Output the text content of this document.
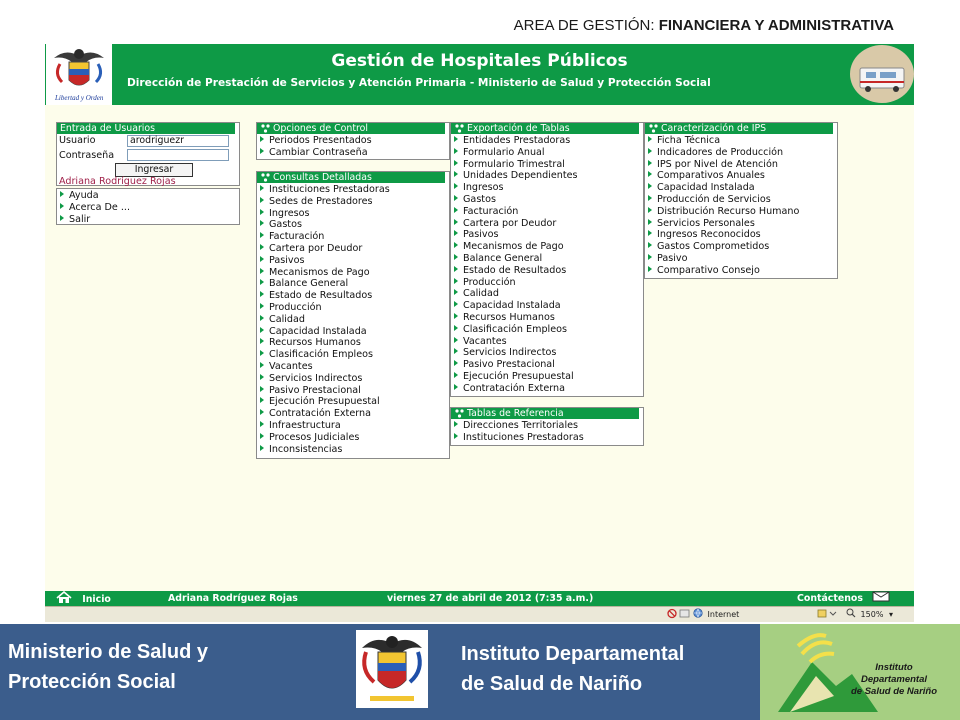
AREA DE GESTIÓN: FINANCIERA Y ADMINISTRATIVA
Libertad y Orden
Gestión de Hospitales Públicos
Dirección de Prestación de Servicios y Atención Primaria - Ministerio de Salud y Protección Social
Entrada de Usuarios
Usuario	arodriguezr
Contraseña
Ingresar
Adriana Rodríguez Rojas
Ayuda
Acerca De ...
Salir
Opciones de Control
Periodos Presentados
Cambiar Contraseña
Consultas Detalladas
Instituciones Prestadoras
Sedes de Prestadores
Ingresos
Gastos
Facturación
Cartera por Deudor
Pasivos
Mecanismos de Pago
Balance General
Estado de Resultados
Producción
Calidad
Capacidad Instalada
Recursos Humanos
Clasificación Empleos
Vacantes
Servicios Indirectos
Pasivo Prestacional
Ejecución Presupuestal
Contratación Externa
Infraestructura
Procesos Judiciales
Inconsistencias
Exportación de Tablas
Entidades Prestadoras
Formulario Anual
Formulario Trimestral
Unidades Dependientes
Ingresos
Gastos
Facturación
Cartera por Deudor
Pasivos
Mecanismos de Pago
Balance General
Estado de Resultados
Producción
Calidad
Capacidad Instalada
Recursos Humanos
Clasificación Empleos
Vacantes
Servicios Indirectos
Pasivo Prestacional
Ejecución Presupuestal
Contratación Externa
Tablas de Referencia
Direcciones Territoriales
Instituciones Prestadoras
Caracterización de IPS
Ficha Técnica
Indicadores de Producción
IPS por Nivel de Atención
Comparativos Anuales
Capacidad Instalada
Producción de Servicios
Distribución Recurso Humano
Servicios Personales
Ingresos Reconocidos
Gastos Comprometidos
Pasivo
Comparativo Consejo
Inicio	Adriana Rodríguez Rojas	viernes 27 de abril de 2012 (7:35 a.m.)	Contáctenos
Internet	150% ▾
Ministerio de Salud y
Protección Social
Instituto Departamental
de Salud de Nariño
Instituto
Departamental
de Salud de Nariño
